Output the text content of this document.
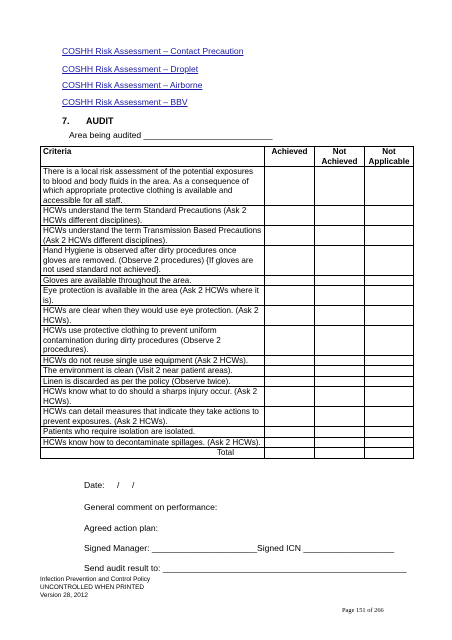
COSHH Risk Assessment – Contact Precaution
COSHH Risk Assessment – Droplet
COSHH Risk Assessment – Airborne
COSHH Risk Assessment – BBV
7. AUDIT
Area being audited ___________________________
Criteria	Achieved	Not Achieved	Not Applicable
There is a local risk assessment of the potential exposures to blood and body fluids in the area. As a consequence of which appropriate protective clothing is available and accessible for all staff.			
HCWs understand the term Standard Precautions (Ask 2 HCWs different disciplines).			
HCWs understand the term Transmission Based Precautions (Ask 2 HCWs different disciplines).			
Hand Hygiene is observed after dirty procedures once gloves are removed. (Observe 2 procedures) {If gloves are not used standard not achieved}.			
Gloves are available throughout the area.			
Eye protection is available in the area (Ask 2 HCWs where it is).			
HCWs are clear when they would use eye protection. (Ask 2 HCWs).			
HCWs use protective clothing to prevent uniform contamination during dirty procedures (Observe 2 procedures).			
HCWs do not reuse single use equipment (Ask 2 HCWs).			
The environment is clean (Visit 2 near patient areas).			
Linen is discarded as per the policy (Observe twice).			
HCWs know what to do should a sharps injury occur. (Ask 2 HCWs).			
HCWs can detail measures that indicate they take actions to prevent exposures. (Ask 2 HCWs).			
Patients who require isolation are isolated.			
HCWs know how to decontaminate spillages. (Ask 2 HCWs).			
Total			
Date: / /
General comment on performance:
Agreed action plan:
Signed Manager: ______________________Signed ICN ___________________
Send audit result to: ___________________________________________________
Infection Prevention and Control Policy
UNCONTROLLED WHEN PRINTED
Version 28, 2012
Page 151 of 266
